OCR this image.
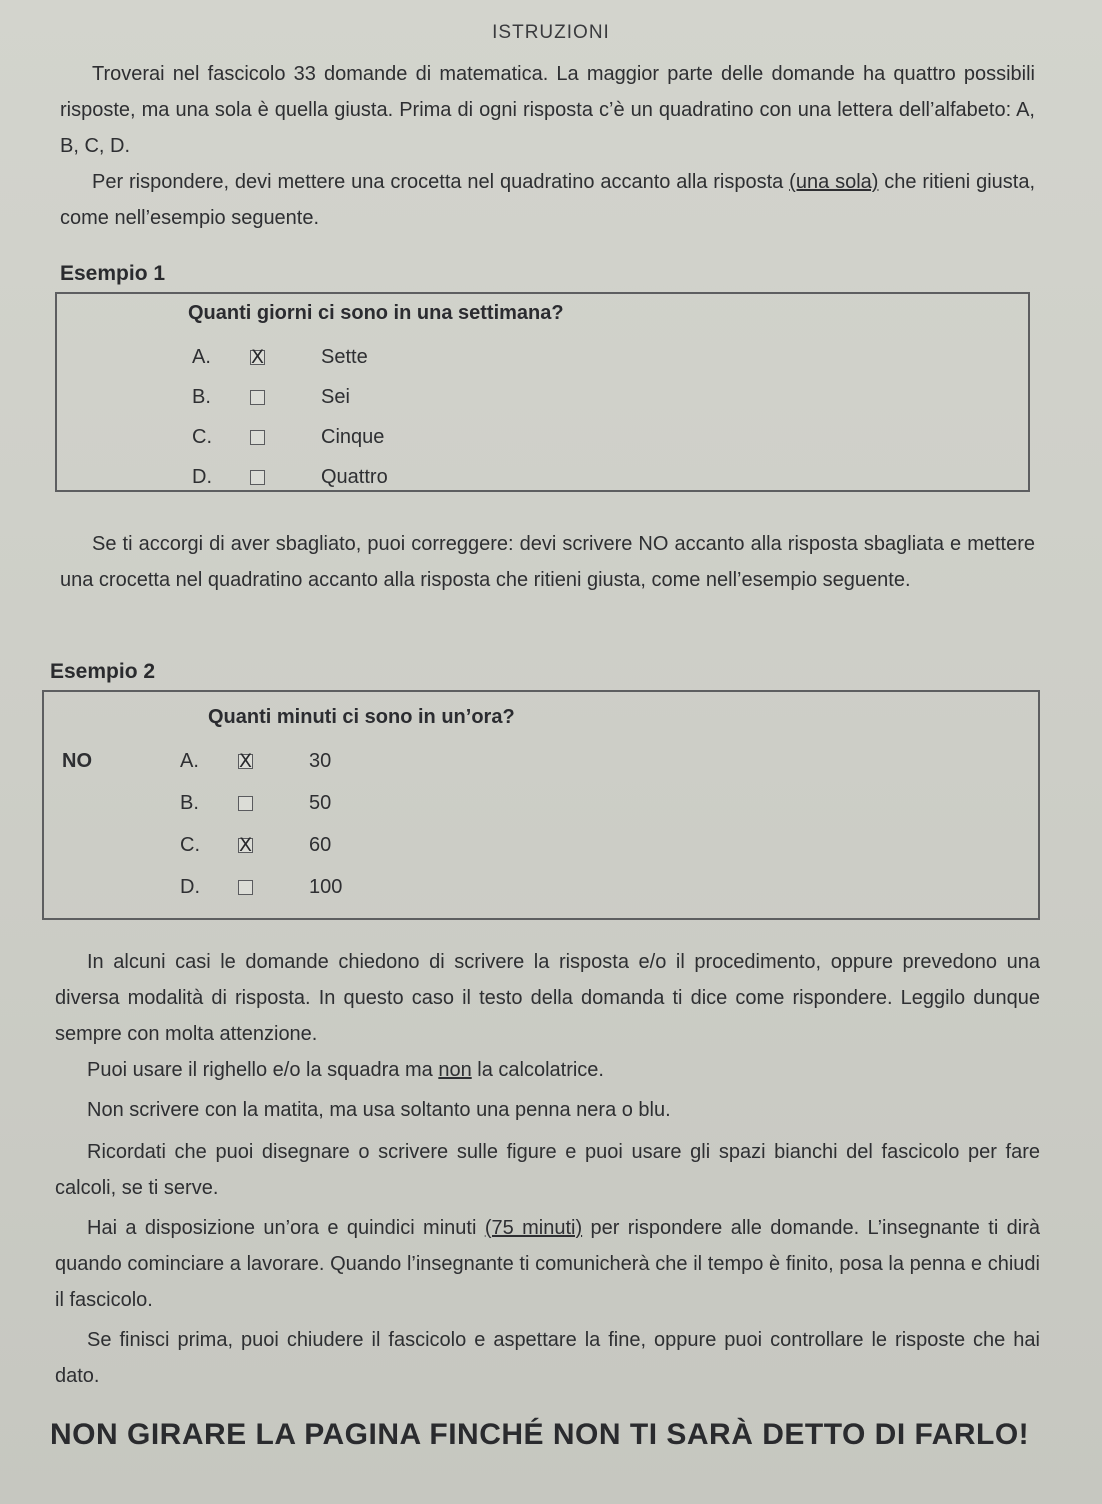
ISTRUZIONI

Troverai nel fascicolo 33 domande di matematica. La maggior parte delle domande ha quattro possibili risposte, ma una sola è quella giusta. Prima di ogni risposta c’è un quadratino con una lettera dell’alfabeto: A, B, C, D.

Per rispondere, devi mettere una crocetta nel quadratino accanto alla risposta (una sola) che ritieni giusta, come nell’esempio seguente.

Esempio 1
Quanti giorni ci sono in una settimana?
A. X	Sette
B.	Sei
C.	Cinque
D.	Quattro

Se ti accorgi di aver sbagliato, puoi correggere: devi scrivere NO accanto alla risposta sbagliata e mettere una crocetta nel quadratino accanto alla risposta che ritieni giusta, come nell’esempio seguente.

Esempio 2
Quanti minuti ci sono in un’ora?
NO	A. X	30
B.	50
C. X	60
D.	100

In alcuni casi le domande chiedono di scrivere la risposta e/o il procedimento, oppure prevedono una diversa modalità di risposta. In questo caso il testo della domanda ti dice come rispondere. Leggilo dunque sempre con molta attenzione.

Puoi usare il righello e/o la squadra ma non la calcolatrice.

Non scrivere con la matita, ma usa soltanto una penna nera o blu.

Ricordati che puoi disegnare o scrivere sulle figure e puoi usare gli spazi bianchi del fascicolo per fare calcoli, se ti serve.

Hai a disposizione un’ora e quindici minuti (75 minuti) per rispondere alle domande. L’insegnante ti dirà quando cominciare a lavorare. Quando l’insegnante ti comunicherà che il tempo è finito, posa la penna e chiudi il fascicolo.

Se finisci prima, puoi chiudere il fascicolo e aspettare la fine, oppure puoi controllare le risposte che hai dato.

NON GIRARE LA PAGINA FINCHÉ NON TI SARÀ DETTO DI FARLO!
